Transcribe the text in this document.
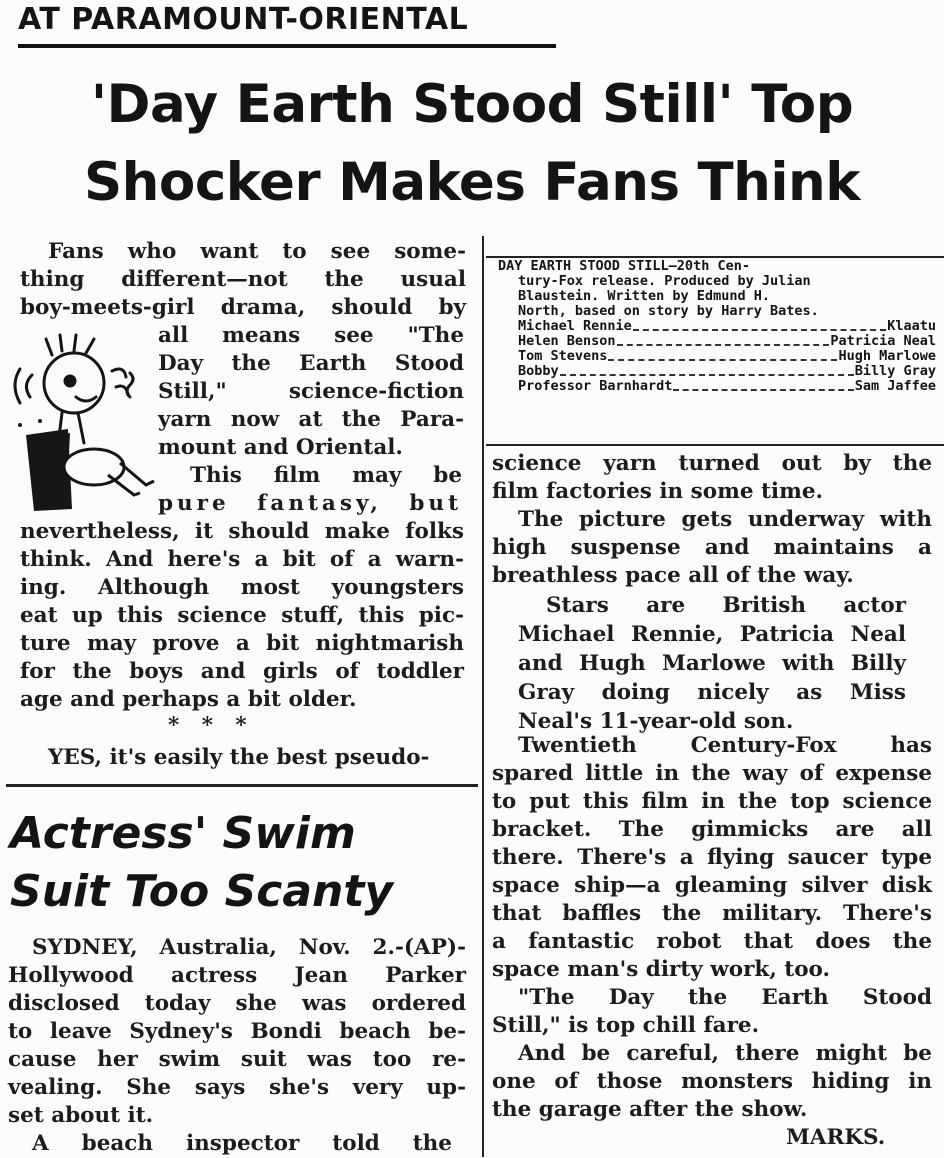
AT PARAMOUNT-ORIENTAL
'Day Earth Stood Still' Top
Shocker Makes Fans Think
Fans who want to see some-
thing different—not the usual
boy-meets-girl drama, should by
all means see "The
Day the Earth Stood
Still," science-fiction
yarn now at the Para-
mount and Oriental.
This film may be
pure fantasy, but
nevertheless, it should make folks
think. And here's a bit of a warn-
ing. Although most youngsters
eat up this science stuff, this pic-
ture may prove a bit nightmarish
for the boys and girls of toddler
age and perhaps a bit older.
*   *   *
YES, it's easily the best pseudo-
DAY EARTH STOOD STILL—20th Cen-
tury-Fox release. Produced by Julian
Blaustein. Written by Edmund H.
North, based on story by Harry Bates.
Michael Rennie	Klaatu
Helen Benson	Patricia Neal
Tom Stevens	Hugh Marlowe
Bobby	Billy Gray
Professor Barnhardt	Sam Jaffee
science yarn turned out by the
film factories in some time.
The picture gets underway with
high suspense and maintains a
breathless pace all of the way.
Stars are British actor
Michael Rennie, Patricia Neal
and Hugh Marlowe with Billy
Gray doing nicely as Miss
Neal's 11-year-old son.
Twentieth Century-Fox has
spared little in the way of expense
to put this film in the top science
bracket. The gimmicks are all
there. There's a flying saucer type
space ship—a gleaming silver disk
that baffles the military. There's
a fantastic robot that does the
space man's dirty work, too.
"The Day the Earth Stood
Still," is top chill fare.
And be careful, there might be
one of those monsters hiding in
the garage after the show.
MARKS.
Actress' Swim
Suit Too Scanty
SYDNEY, Australia, Nov. 2.-(AP)-
Hollywood actress Jean Parker
disclosed today she was ordered
to leave Sydney's Bondi beach be-
cause her swim suit was too re-
vealing. She says she's very up-
set about it.
A beach inspector told the
